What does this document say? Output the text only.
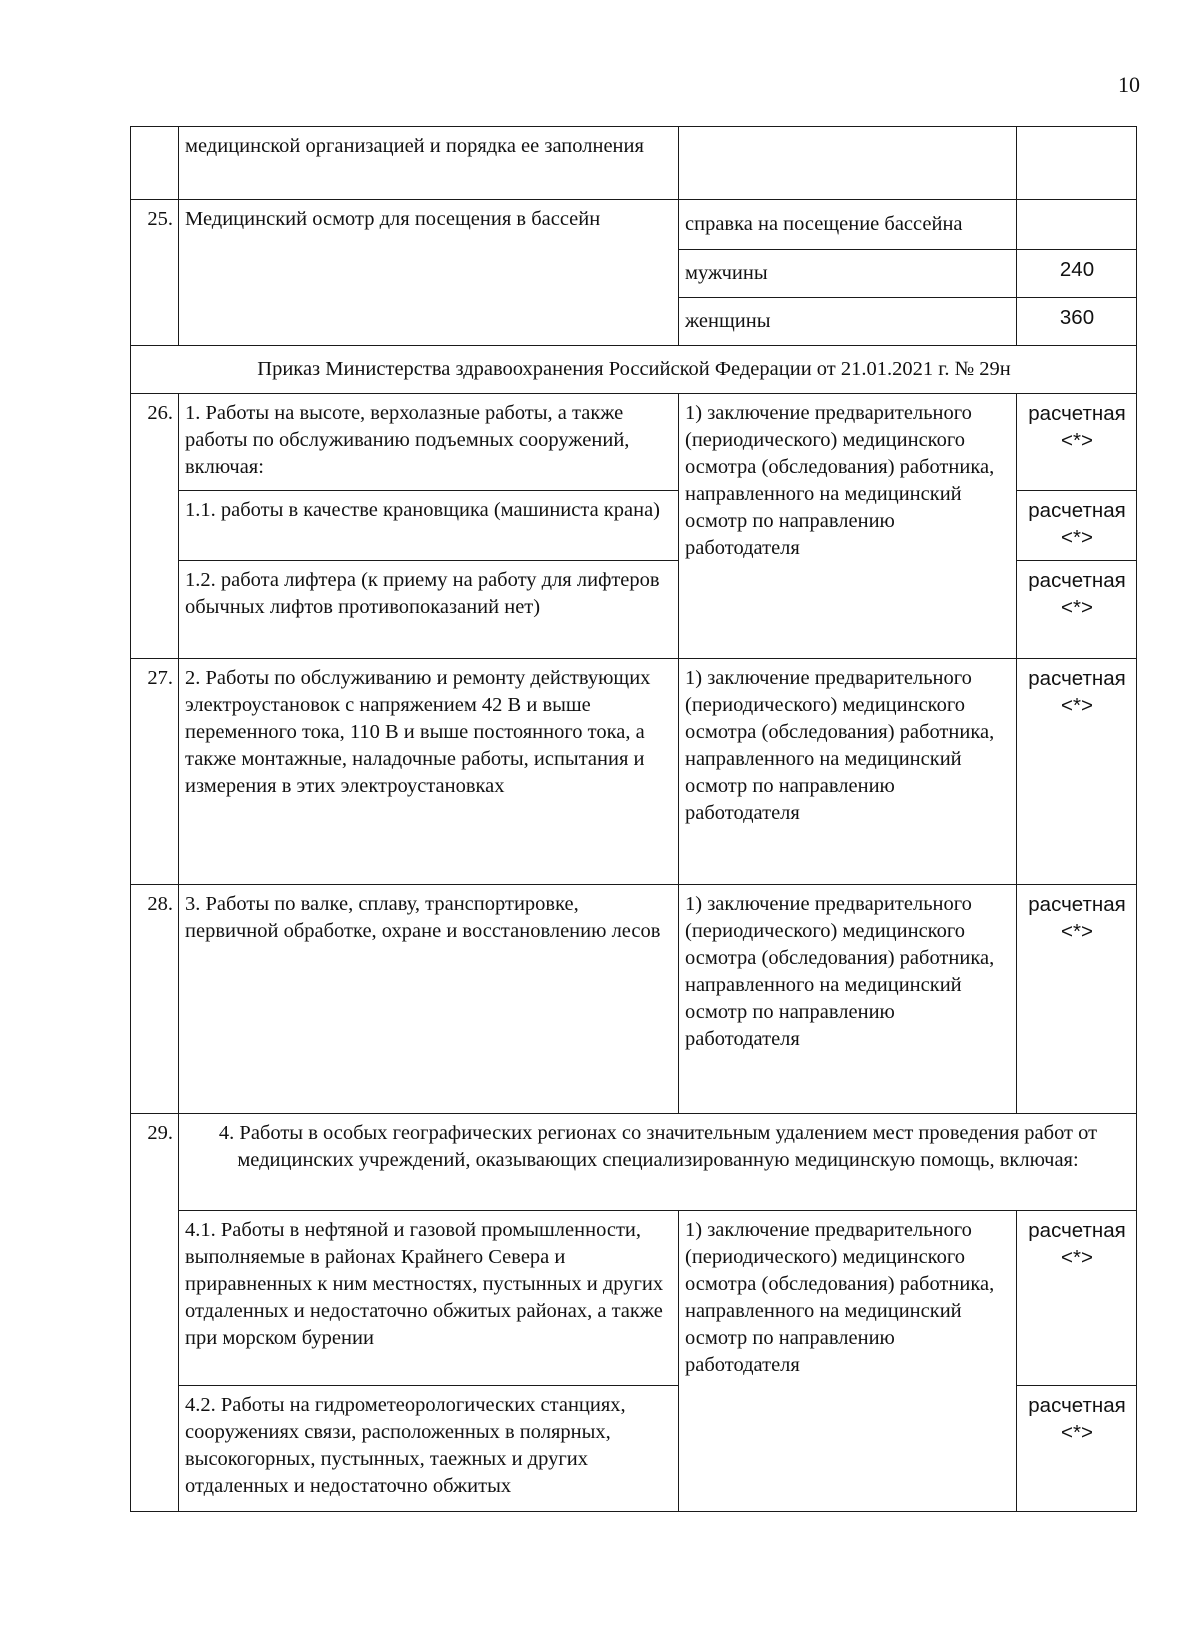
10
	медицинской организацией и порядка ее заполнения		
25.	Медицинский осмотр для посещения в бассейн	справка на посещение бассейна	
		мужчины	240
		женщины	360
Приказ Министерства здравоохранения Российской Федерации от 21.01.2021 г. № 29н			
26.	1. Работы на высоте, верхолазные работы, а также работы по обслуживанию подъемных сооружений, включая:	1) заключение предварительного (периодического) медицинского осмотра (обследования) работника, направленного на медицинский осмотр по направлению работодателя	расчетная <*>
	1.1. работы в качестве крановщика (машиниста крана)		расчетная <*>
	1.2. работа лифтера (к приему на работу для лифтеров обычных лифтов противопоказаний нет)		расчетная <*>
27.	2. Работы по обслуживанию и ремонту действующих электроустановок с напряжением 42 В и выше переменного тока, 110 В и выше постоянного тока, а также монтажные, наладочные работы, испытания и измерения в этих электроустановках	1) заключение предварительного (периодического) медицинского осмотра (обследования) работника, направленного на медицинский осмотр по направлению работодателя	расчетная <*>
28.	3. Работы по валке, сплаву, транспортировке, первичной обработке, охране и восстановлению лесов	1) заключение предварительного (периодического) медицинского осмотра (обследования) работника, направленного на медицинский осмотр по направлению работодателя	расчетная <*>
29.	4. Работы в особых географических регионах со значительным удалением мест проведения работ от медицинских учреждений, оказывающих специализированную медицинскую помощь, включая:		
	4.1. Работы в нефтяной и газовой промышленности, выполняемые в районах Крайнего Севера и приравненных к ним местностях, пустынных и других отдаленных и недостаточно обжитых районах, а также при морском бурении	1) заключение предварительного (периодического) медицинского осмотра (обследования) работника, направленного на медицинский осмотр по направлению работодателя	расчетная <*>
	4.2. Работы на гидрометеорологических станциях, сооружениях связи, расположенных в полярных, высокогорных, пустынных, таежных и других отдаленных и недостаточно обжитых		расчетная <*>
